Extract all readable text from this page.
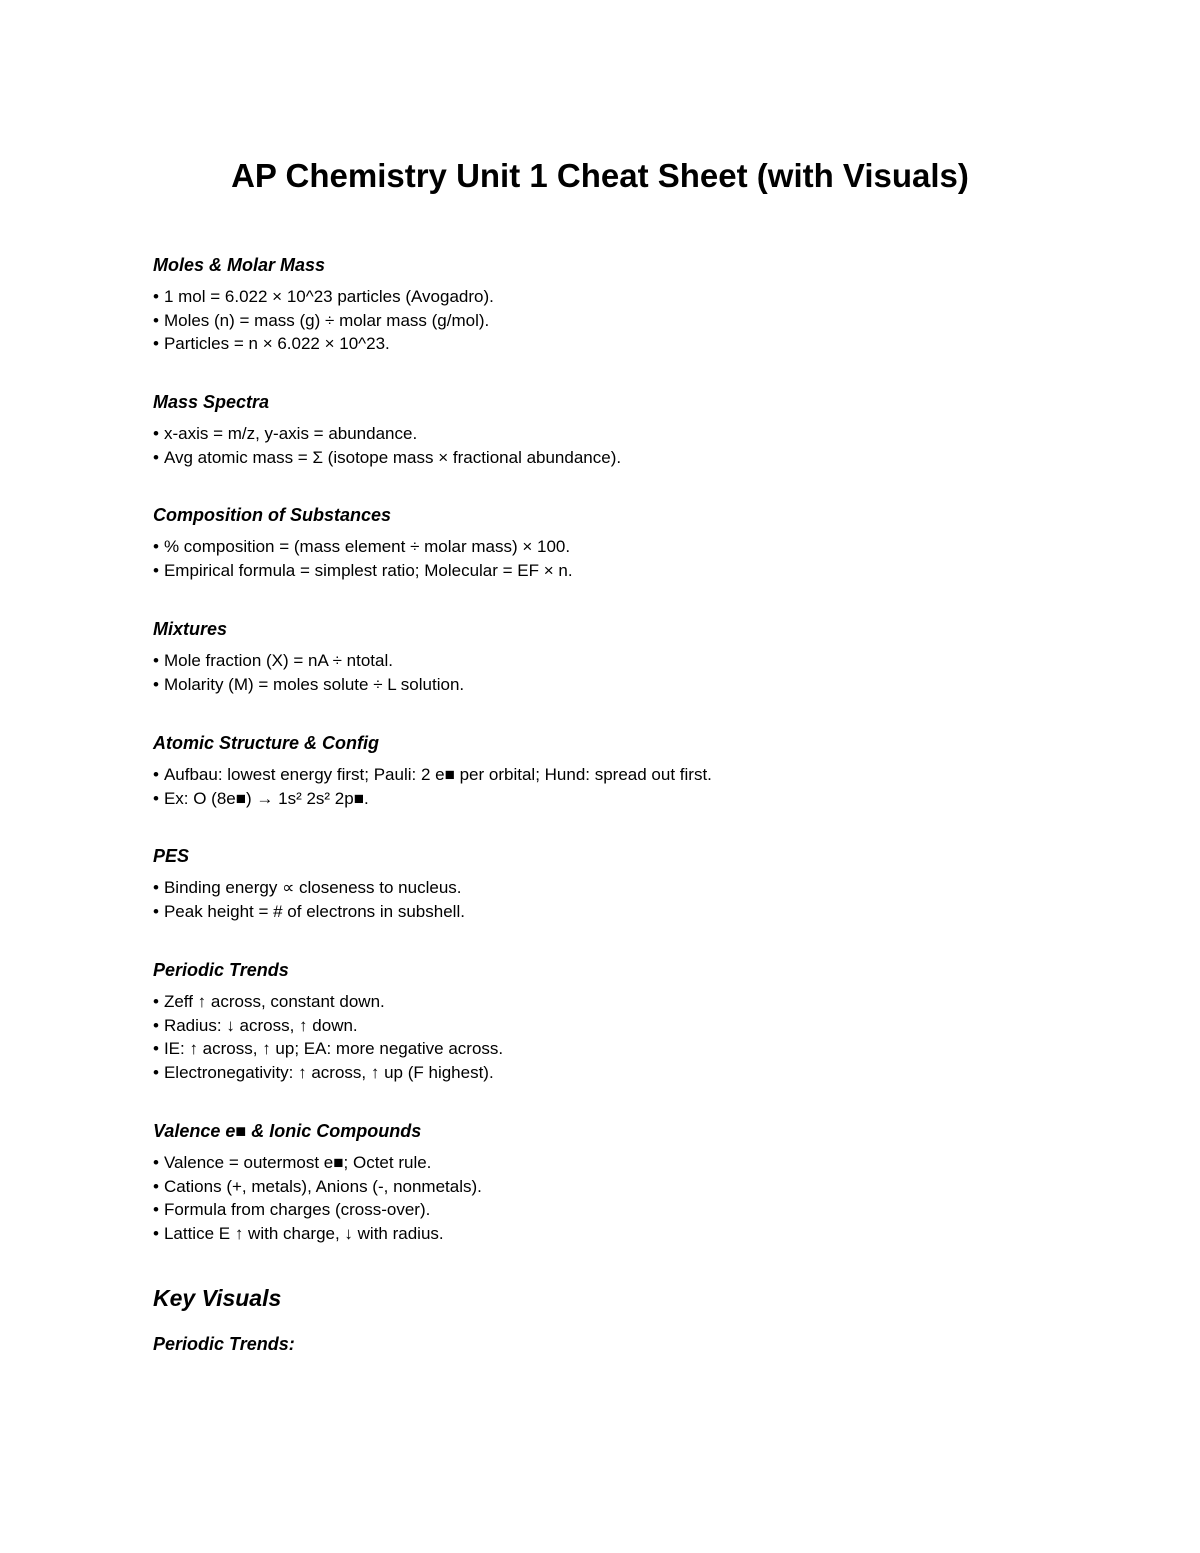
AP Chemistry Unit 1 Cheat Sheet (with Visuals)
Moles & Molar Mass
• 1 mol = 6.022 × 10^23 particles (Avogadro).
• Moles (n) = mass (g) ÷ molar mass (g/mol).
• Particles = n × 6.022 × 10^23.
Mass Spectra
• x-axis = m/z, y-axis = abundance.
• Avg atomic mass = Σ (isotope mass × fractional abundance).
Composition of Substances
• % composition = (mass element ÷ molar mass) × 100.
• Empirical formula = simplest ratio; Molecular = EF × n.
Mixtures
• Mole fraction (X) = nA ÷ ntotal.
• Molarity (M) = moles solute ÷ L solution.
Atomic Structure & Config
• Aufbau: lowest energy first; Pauli: 2 e■ per orbital; Hund: spread out first.
• Ex: O (8e■) → 1s² 2s² 2p■.
PES
• Binding energy ∝ closeness to nucleus.
• Peak height = # of electrons in subshell.
Periodic Trends
• Zeff ↑ across, constant down.
• Radius: ↓ across, ↑ down.
• IE: ↑ across, ↑ up; EA: more negative across.
• Electronegativity: ↑ across, ↑ up (F highest).
Valence e■ & Ionic Compounds
• Valence = outermost e■; Octet rule.
• Cations (+, metals), Anions (-, nonmetals).
• Formula from charges (cross-over).
• Lattice E ↑ with charge, ↓ with radius.
Key Visuals
Periodic Trends:
